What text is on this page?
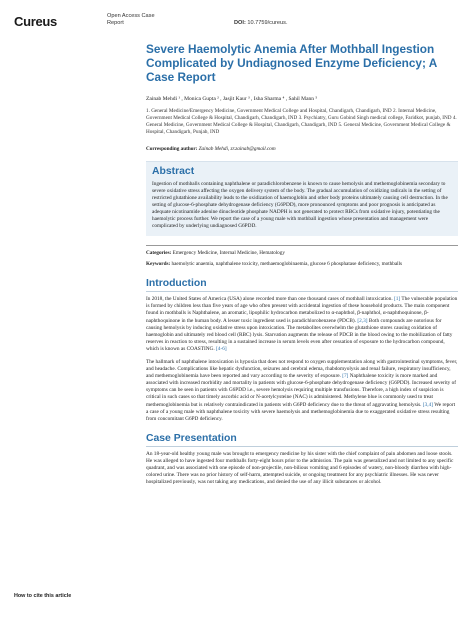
Cureus	Open Access Case
Report	DOI: 10.7759/cureus.
Severe Haemolytic Anemia After Mothball Ingestion Complicated by Undiagnosed Enzyme Deficiency; A Case Report
Zainab Mehdi ¹ , Monica Gupta ² , Jasjit Kaur ³ , Isha Sharma ⁴ , Sahil Mann ⁵
1. General Medicine/Emergency Medicine, Government Medical College and Hospital, Chandigarh, Chandigarh, IND 2. Internal Medicine, Government Medical College & Hospital, Chandigarh, Chandigarh, IND 3. Psychiatry, Guru Gobind Singh medical college, Faridkot, punjab, IND 4. General Medicine, Government Medical College & Hospital, Chandigarh, Chandigarh, IND 5. General Medicine, Government Medical College & Hospital, Chandigarh, Punjab, IND
Corresponding author: Zainab Mehdi, zr.zainab@gmail.com
Abstract

Ingestion of mothballs containing naphthalene or paradichlorobenzene is known to cause hemolysis and methemoglobinemia secondary to severe oxidative stress affecting the oxygen delivery system of the body. The gradual accumulation of oxidizing radicals in the setting of restricted glutathione availability leads to the oxidization of haemoglobin and other body proteins ultimately causing cell destruction. In the setting of glucose-6-phosphate dehydrogenase deficiency (G6PDD), more pronounced symptoms and poor prognosis is anticipated as adequate nicotinamide adenine dinucleotide phosphate NADPH is not generated to protect RBCs from oxidative injury, potentiating the haemolytic process further. We report the case of a young male with mothball ingestion whose presentation and management were complicated by underlying undiagnosed G6PDD.

Categories: Emergency Medicine, Internal Medicine, Hematology
Keywords: haemolytic anaemia, naphthalene toxicity, methaemoglobinaemia, glucose 6 phosphatase deficiency, mothballs
Introduction

In 2018, the United States of America (USA) alone recorded more than one thousand cases of mothball intoxication. [1] The vulnerable population is formed by children less than five years of age who often present with accidental ingestion of these household products. The main component found in mothballs is Naphthalene, an aromatic, lipophilic hydrocarbon metabolized to α-naphthol, β-naphthol, α-naphthoquinone, β-naphthoquinone in the human body. A lesser toxic ingredient used is paradichlorobenzene (PDCB). [2,3] Both compounds are notorious for causing hemolysis by inducing oxidative stress upon intoxication. The metabolites overwhelm the glutathione stores causing oxidation of haemoglobin and ultimately red blood cell (RBC) lysis. Starvation augments the release of PDCB in the blood owing to the mobilization of fatty reserves in reaction to stress, resulting in a sustained increase in serum levels even after cessation of exposure to the hydrocarbon compound, which is known as COASTING. [4-6]

The hallmark of naphthalene intoxication is hypoxia that does not respond to oxygen supplementation along with gastrointestinal symptoms, fever, and headache. Complications like hepatic dysfunction, seizures and cerebral edema, rhabdomyolysis and renal failure, respiratory insufficiency, and methemoglobinemia have been reported and vary according to the severity of exposure. [7] Naphthalene toxicity is more marked and associated with increased morbidity and mortality in patients with glucose-6-phosphate dehydrogenase deficiency (G6PDD). Increased severity of symptoms can be seen in patients with G6PDD i.e., severe hemolysis requiring multiple transfusions. Therefore, a high index of suspicion is critical in such cases so that timely ascorbic acid or N-acetylcysteine (NAC) is administered. Methylene blue is commonly used to treat methemoglobinemia but is relatively contraindicated in patients with G6PD deficiency due to the threat of aggravating hemolysis. [3,4] We report a case of a young male with naphthalene toxicity with severe haemolysis and methemoglobinemia due to exaggerated oxidative stress resulting from concomitant G6PD deficiency.

Case Presentation

An 18-year-old healthy young male was brought to emergency medicine by his sister with the chief complaint of pain abdomen and loose stools. He was alleged to have ingested four mothballs forty-eight hours prior to the admission. The pain was generalized and not limited to any specific quadrant, and was associated with one episode of non-projectile, non-bilious vomiting and 6 episodes of watery, non-bloody diarrhea with high-colored urine. There was no prior history of self-harm, attempted suicide, or ongoing treatment for any psychiatric illnesses. He was never hospitalized previously, was not taking any medications, and denied the use of any illicit substances or alcohol.

How to cite this article
